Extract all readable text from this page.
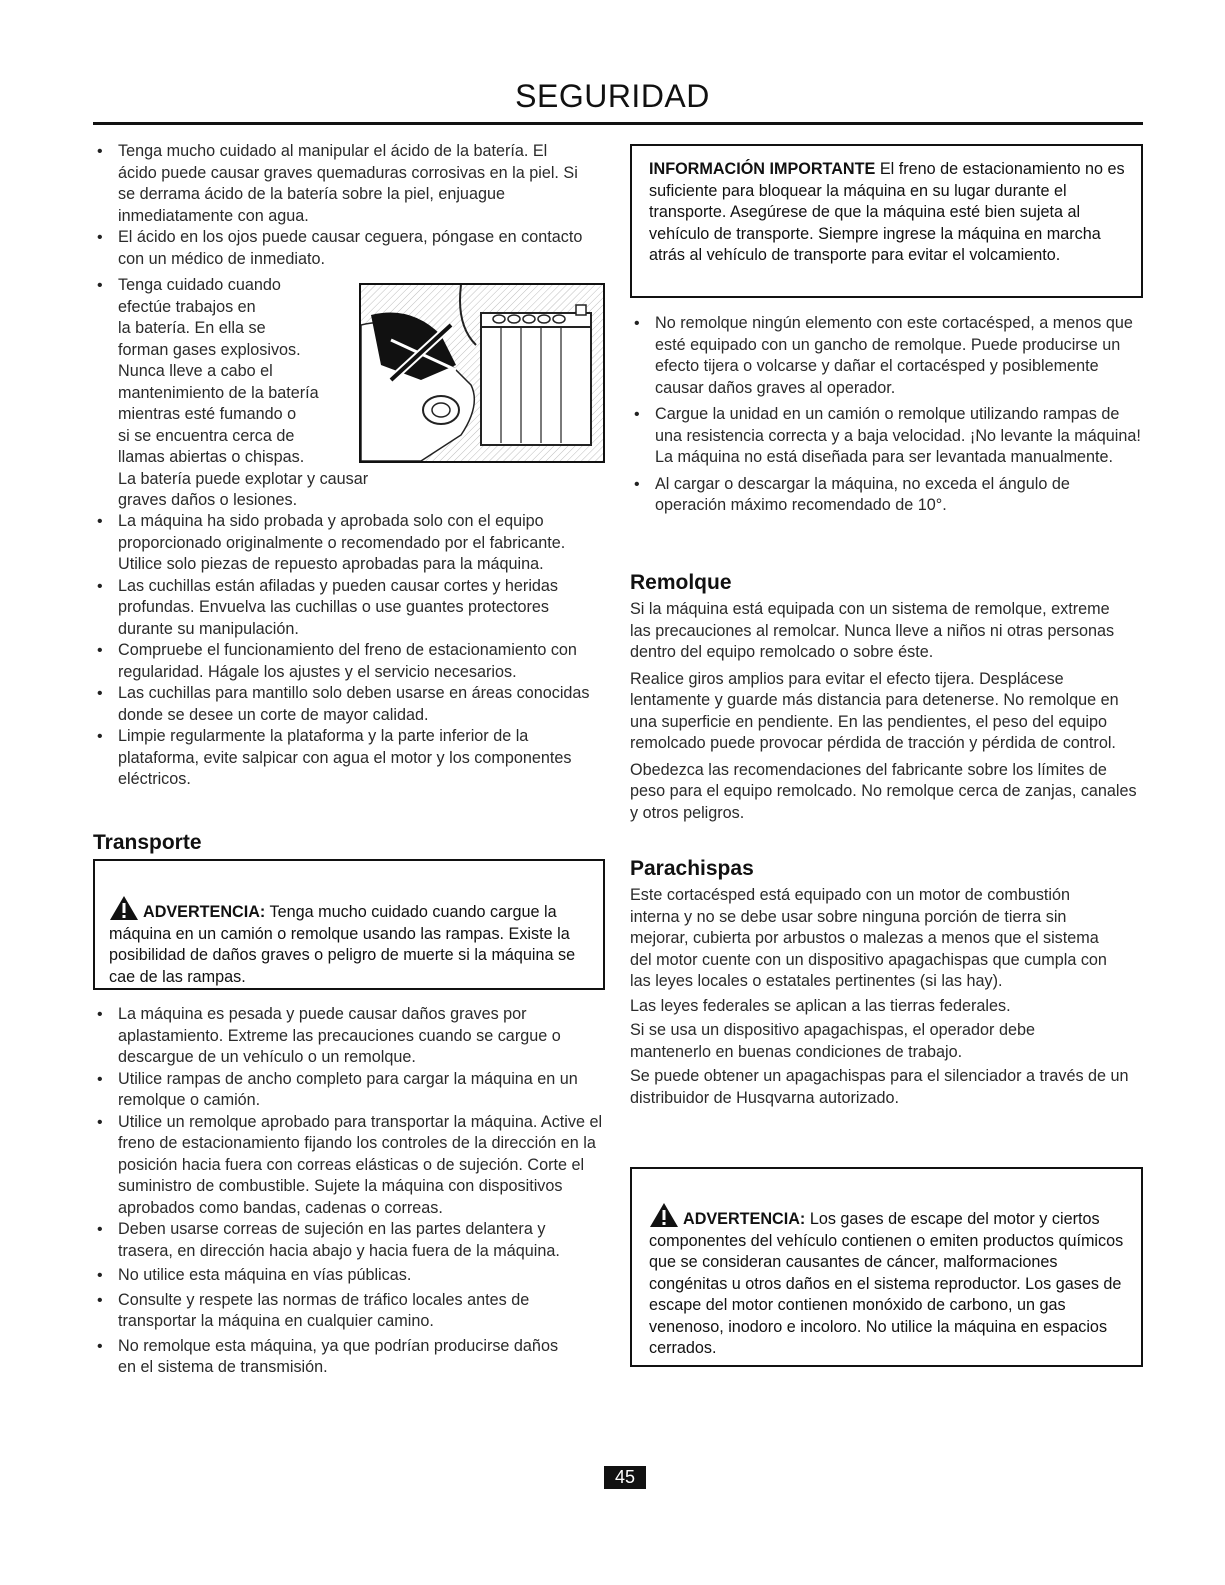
SEGURIDAD
• Tenga mucho cuidado al manipular el ácido de la batería. El ácido puede causar graves quemaduras corrosivas en la piel. Si se derrama ácido de la batería sobre la piel, enjuague inmediatamente con agua.
• El ácido en los ojos puede causar ceguera, póngase en contacto con un médico de inmediato.
• Tenga cuidado cuando
efectúe trabajos en
la batería. En ella se
forman gases explosivos.
Nunca lleve a cabo el
mantenimiento de la batería
mientras esté fumando o
si se encuentra cerca de
llamas abiertas o chispas.
La batería puede explotar y causar graves daños o lesiones.
• La máquina ha sido probada y aprobada solo con el equipo proporcionado originalmente o recomendado por el fabricante. Utilice solo piezas de repuesto aprobadas para la máquina.
• Las cuchillas están afiladas y pueden causar cortes y heridas profundas. Envuelva las cuchillas o use guantes protectores durante su manipulación.
• Compruebe el funcionamiento del freno de estacionamiento con regularidad. Hágale los ajustes y el servicio necesarios.
• Las cuchillas para mantillo solo deben usarse en áreas conocidas donde se desee un corte de mayor calidad.
• Limpie regularmente la plataforma y la parte inferior de la plataforma, evite salpicar con agua el motor y los componentes eléctricos.
Transporte

ADVERTENCIA: Tenga mucho cuidado cuando cargue la máquina en un camión o remolque usando las rampas. Existe la posibilidad de daños graves o peligro de muerte si la máquina se cae de las rampas.

• La máquina es pesada y puede causar daños graves por aplastamiento. Extreme las precauciones cuando se cargue o descargue de un vehículo o un remolque.
• Utilice rampas de ancho completo para cargar la máquina en un remolque o camión.
• Utilice un remolque aprobado para transportar la máquina. Active el freno de estacionamiento fijando los controles de la dirección en la posición hacia fuera con correas elásticas o de sujeción. Corte el suministro de combustible. Sujete la máquina con dispositivos aprobados como bandas, cadenas o correas.
• Deben usarse correas de sujeción en las partes delantera y trasera, en dirección hacia abajo y hacia fuera de la máquina.
• No utilice esta máquina en vías públicas.
• Consulte y respete las normas de tráfico locales antes de transportar la máquina en cualquier camino.
• No remolque esta máquina, ya que podrían producirse daños en el sistema de transmisión.

INFORMACIÓN IMPORTANTE El freno de estacionamiento no es suficiente para bloquear la máquina en su lugar durante el transporte. Asegúrese de que la máquina esté bien sujeta al vehículo de transporte. Siempre ingrese la máquina en marcha atrás al vehículo de transporte para evitar el volcamiento.

• No remolque ningún elemento con este cortacésped, a menos que esté equipado con un gancho de remolque. Puede producirse un efecto tijera o volcarse y dañar el cortacésped y posiblemente causar daños graves al operador.
• Cargue la unidad en un camión o remolque utilizando rampas de una resistencia correcta y a baja velocidad. ¡No levante la máquina! La máquina no está diseñada para ser levantada manualmente.
• Al cargar o descargar la máquina, no exceda el ángulo de operación máximo recomendado de 10°.
Remolque

Si la máquina está equipada con un sistema de remolque, extreme las precauciones al remolcar. Nunca lleve a niños ni otras personas dentro del equipo remolcado o sobre éste.

Realice giros amplios para evitar el efecto tijera. Desplácese lentamente y guarde más distancia para detenerse. No remolque en una superficie en pendiente. En las pendientes, el peso del equipo remolcado puede provocar pérdida de tracción y pérdida de control.

Obedezca las recomendaciones del fabricante sobre los límites de peso para el equipo remolcado. No remolque cerca de zanjas, canales y otros peligros.

Parachispas

Este cortacésped está equipado con un motor de combustión interna y no se debe usar sobre ninguna porción de tierra sin mejorar, cubierta por arbustos o malezas a menos que el sistema del motor cuente con un dispositivo apagachispas que cumpla con las leyes locales o estatales pertinentes (si las hay).

Las leyes federales se aplican a las tierras federales.

Si se usa un dispositivo apagachispas, el operador debe mantenerlo en buenas condiciones de trabajo.

Se puede obtener un apagachispas para el silenciador a través de un distribuidor de Husqvarna autorizado.

ADVERTENCIA: Los gases de escape del motor y ciertos componentes del vehículo contienen o emiten productos químicos que se consideran causantes de cáncer, malformaciones congénitas u otros daños en el sistema reproductor. Los gases de escape del motor contienen monóxido de carbono, un gas venenoso, inodoro e incoloro. No utilice la máquina en espacios cerrados.

45
